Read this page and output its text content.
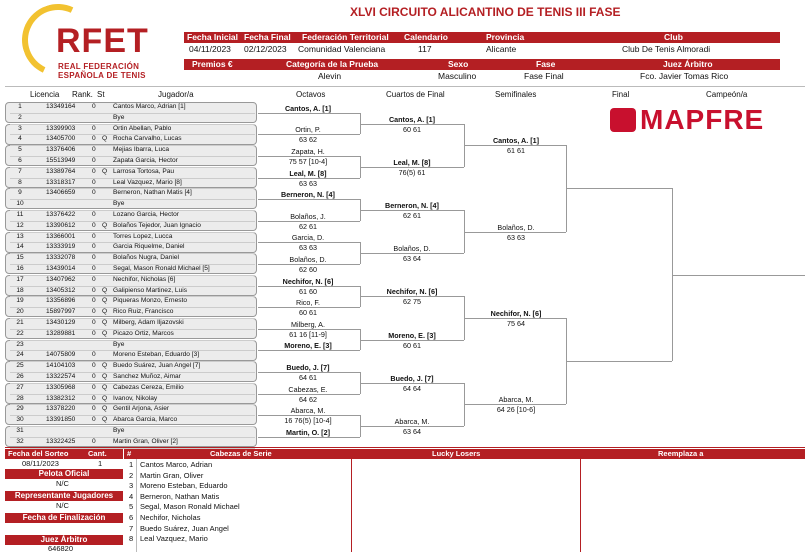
RFET
REAL FEDERACIÓN
ESPAÑOLA DE TENIS
XLVI CIRCUITO ALICANTINO DE TENIS III FASE
Fecha Inicial Fecha Final Federación Territorial Calendario	Provincia	Club
04/11/2023 02/12/2023 Comunidad Valenciana	117	Alicante	Club De Tenis Almoradi
Premios €	Categoría de la Prueba	Sexo	Fase	Juez Árbitro
Alevin	Masculino	Fase Final	Fco. Javier Tomas Rico
Licencia Rank. St	Jugador/a	Octavos	Cuartos de Final	Semifinales	Final	Campeón/a
MAPFRE
1	13349164	0	Cantos Marco, Adrian [1]
2	Bye
3	13399903	0	Ortin Abellan, Pablo
4	13405700	0 Q Rocha Carvalho, Lucas
5	13376406	0	Mejias Ibarra, Luca
6	15513949	0	Zapata Garcia, Hector
7	13389764	0 Q Larrosa Tortosa, Pau
8	13318317	0	Leal Vazquez, Mario [8]
9	13406659	0	Berneron, Nathan Matis [4]
10	Bye
11	13376422	0	Lozano Garcia, Hector
12	13390612	0 Q Bolaños Tejedor, Juan Ignacio
13	13366001	0	Torres Lopez, Lucca
14	13333919	0	Garcia Riquelme, Daniel
15	13332078	0	Bolaños Nugra, Daniel
16	13439014	0	Segal, Mason Ronald Michael [5]
17	13407962	0	Nechifor, Nicholas [6]
18	13405312	0 Q Galipienso Martinez, Luis
19	13356896	0 Q Piqueras Monzo, Ernesto
20	15897997	0 Q Rico Ruiz, Francisco
21	13430129	0 Q Milberg, Adam Iljazovski
22	13289881	0 Q Picazo Ortiz, Marcos
23	Bye
24	14075809	0	Moreno Esteban, Eduardo [3]
25	14104103	0 Q Buedo Suárez, Juan Angel [7]
26	13322574	0 Q Sanchez Muñoz, Aimar
27	13305968	0 Q Cabezas Cereza, Emilio
28	13382312	0 Q Ivanov, Nikolay
29	13378220	0 Q Gentil Arjona, Asier
30	13391850	0 Q Abarca Garcia, Marco
31	Bye
32	13322425	0	Martin Gran, Oliver [2]
Cantos, A. [1]
Ortin, P.
63 62
Zapata, H.
75 57 [10-4]
Leal, M. [8]
63 63
Berneron, N. [4]
Bolaños, J.
62 61
Garcia, D.
63 63
Bolaños, D.
62 60
Nechifor, N. [6]
61 60
Rico, F.
60 61
Milberg, A.
61 16 [11-9]
Moreno, E. [3]
Buedo, J. [7]
64 61
Cabezas, E.
64 62
Abarca, M.
16 76(5) [10-4]
Martin, O. [2]
Cantos, A. [1]
60 61
Leal, M. [8]
76(5) 61
Berneron, N. [4]
62 61
Bolaños, D.
63 64
Nechifor, N. [6]
62 75
Moreno, E. [3]
60 61
Buedo, J. [7]
64 64
Abarca, M.
63 64
Cantos, A. [1]
61 61
Bolaños, D.
63 63
Nechifor, N. [6]
75 64
Abarca, M.
64 26 [10-6]
Fecha del Sorteo	Cant.
08/11/2023	1
Pelota Oficial
N/C
Representante Jugadores
N/C
Fecha de Finalización
Juez Árbitro
646820
#	Cabezas de Serie	Lucky Losers	Reemplaza a
1 Cantos Marco, Adrian
2 Martin Gran, Oliver
3 Moreno Esteban, Eduardo
4 Berneron, Nathan Matis
5 Segal, Mason Ronald Michael
6 Nechifor, Nicholas
7 Buedo Suárez, Juan Angel
8 Leal Vazquez, Mario
